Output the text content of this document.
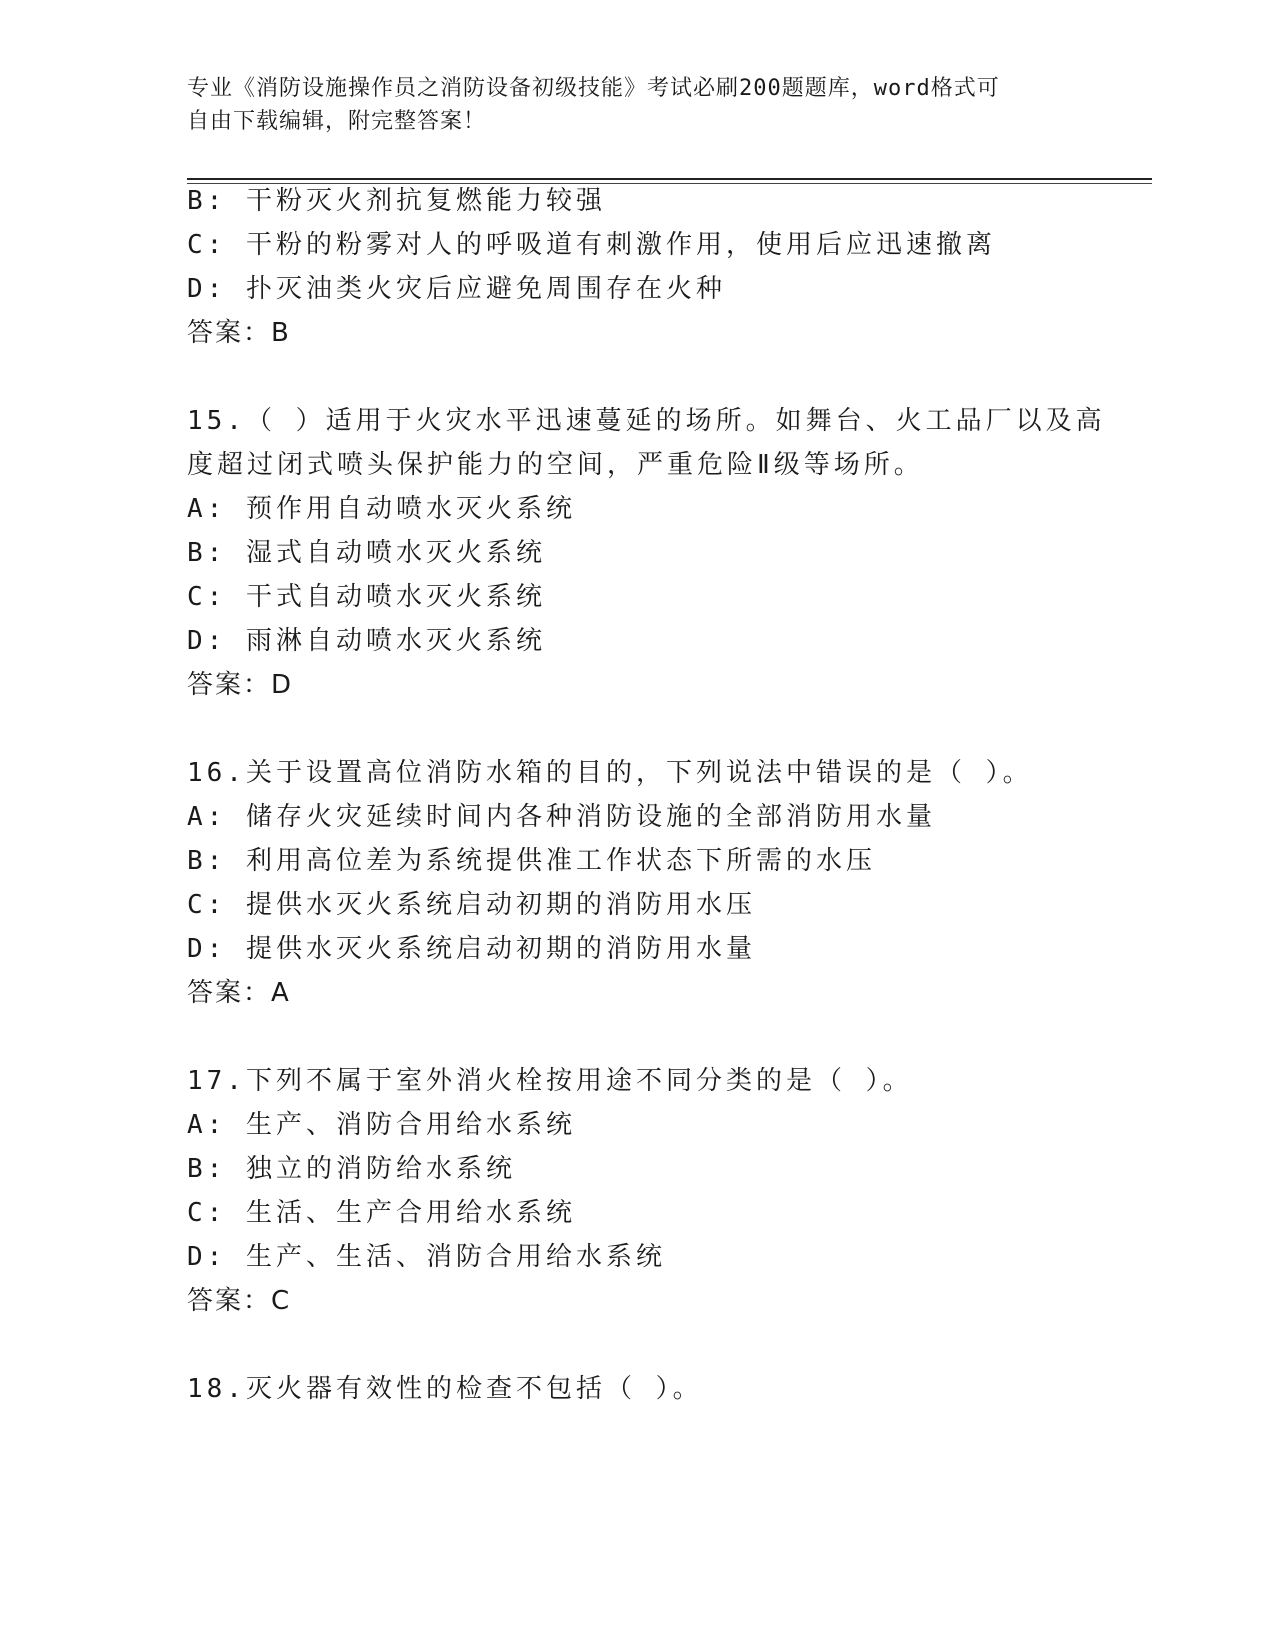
专业《消防设施操作员之消防设备初级技能》考试必刷200题题库，word格式可
自由下载编辑，附完整答案！
B: 干粉灭火剂抗复燃能力较强
C: 干粉的粉雾对人的呼吸道有刺激作用，使用后应迅速撤离
D: 扑灭油类火灾后应避免周围存在火种
答案：B
15.（ ）适用于火灾水平迅速蔓延的场所。如舞台、火工品厂以及高
度超过闭式喷头保护能力的空间，严重危险Ⅱ级等场所。
A: 预作用自动喷水灭火系统
B: 湿式自动喷水灭火系统
C: 干式自动喷水灭火系统
D: 雨淋自动喷水灭火系统
答案：D
16.关于设置高位消防水箱的目的，下列说法中错误的是（ ）。
A: 储存火灾延续时间内各种消防设施的全部消防用水量
B: 利用高位差为系统提供准工作状态下所需的水压
C: 提供水灭火系统启动初期的消防用水压
D: 提供水灭火系统启动初期的消防用水量
答案：A
17.下列不属于室外消火栓按用途不同分类的是（ ）。
A: 生产、消防合用给水系统
B: 独立的消防给水系统
C: 生活、生产合用给水系统
D: 生产、生活、消防合用给水系统
答案：C
18.灭火器有效性的检查不包括（ ）。
